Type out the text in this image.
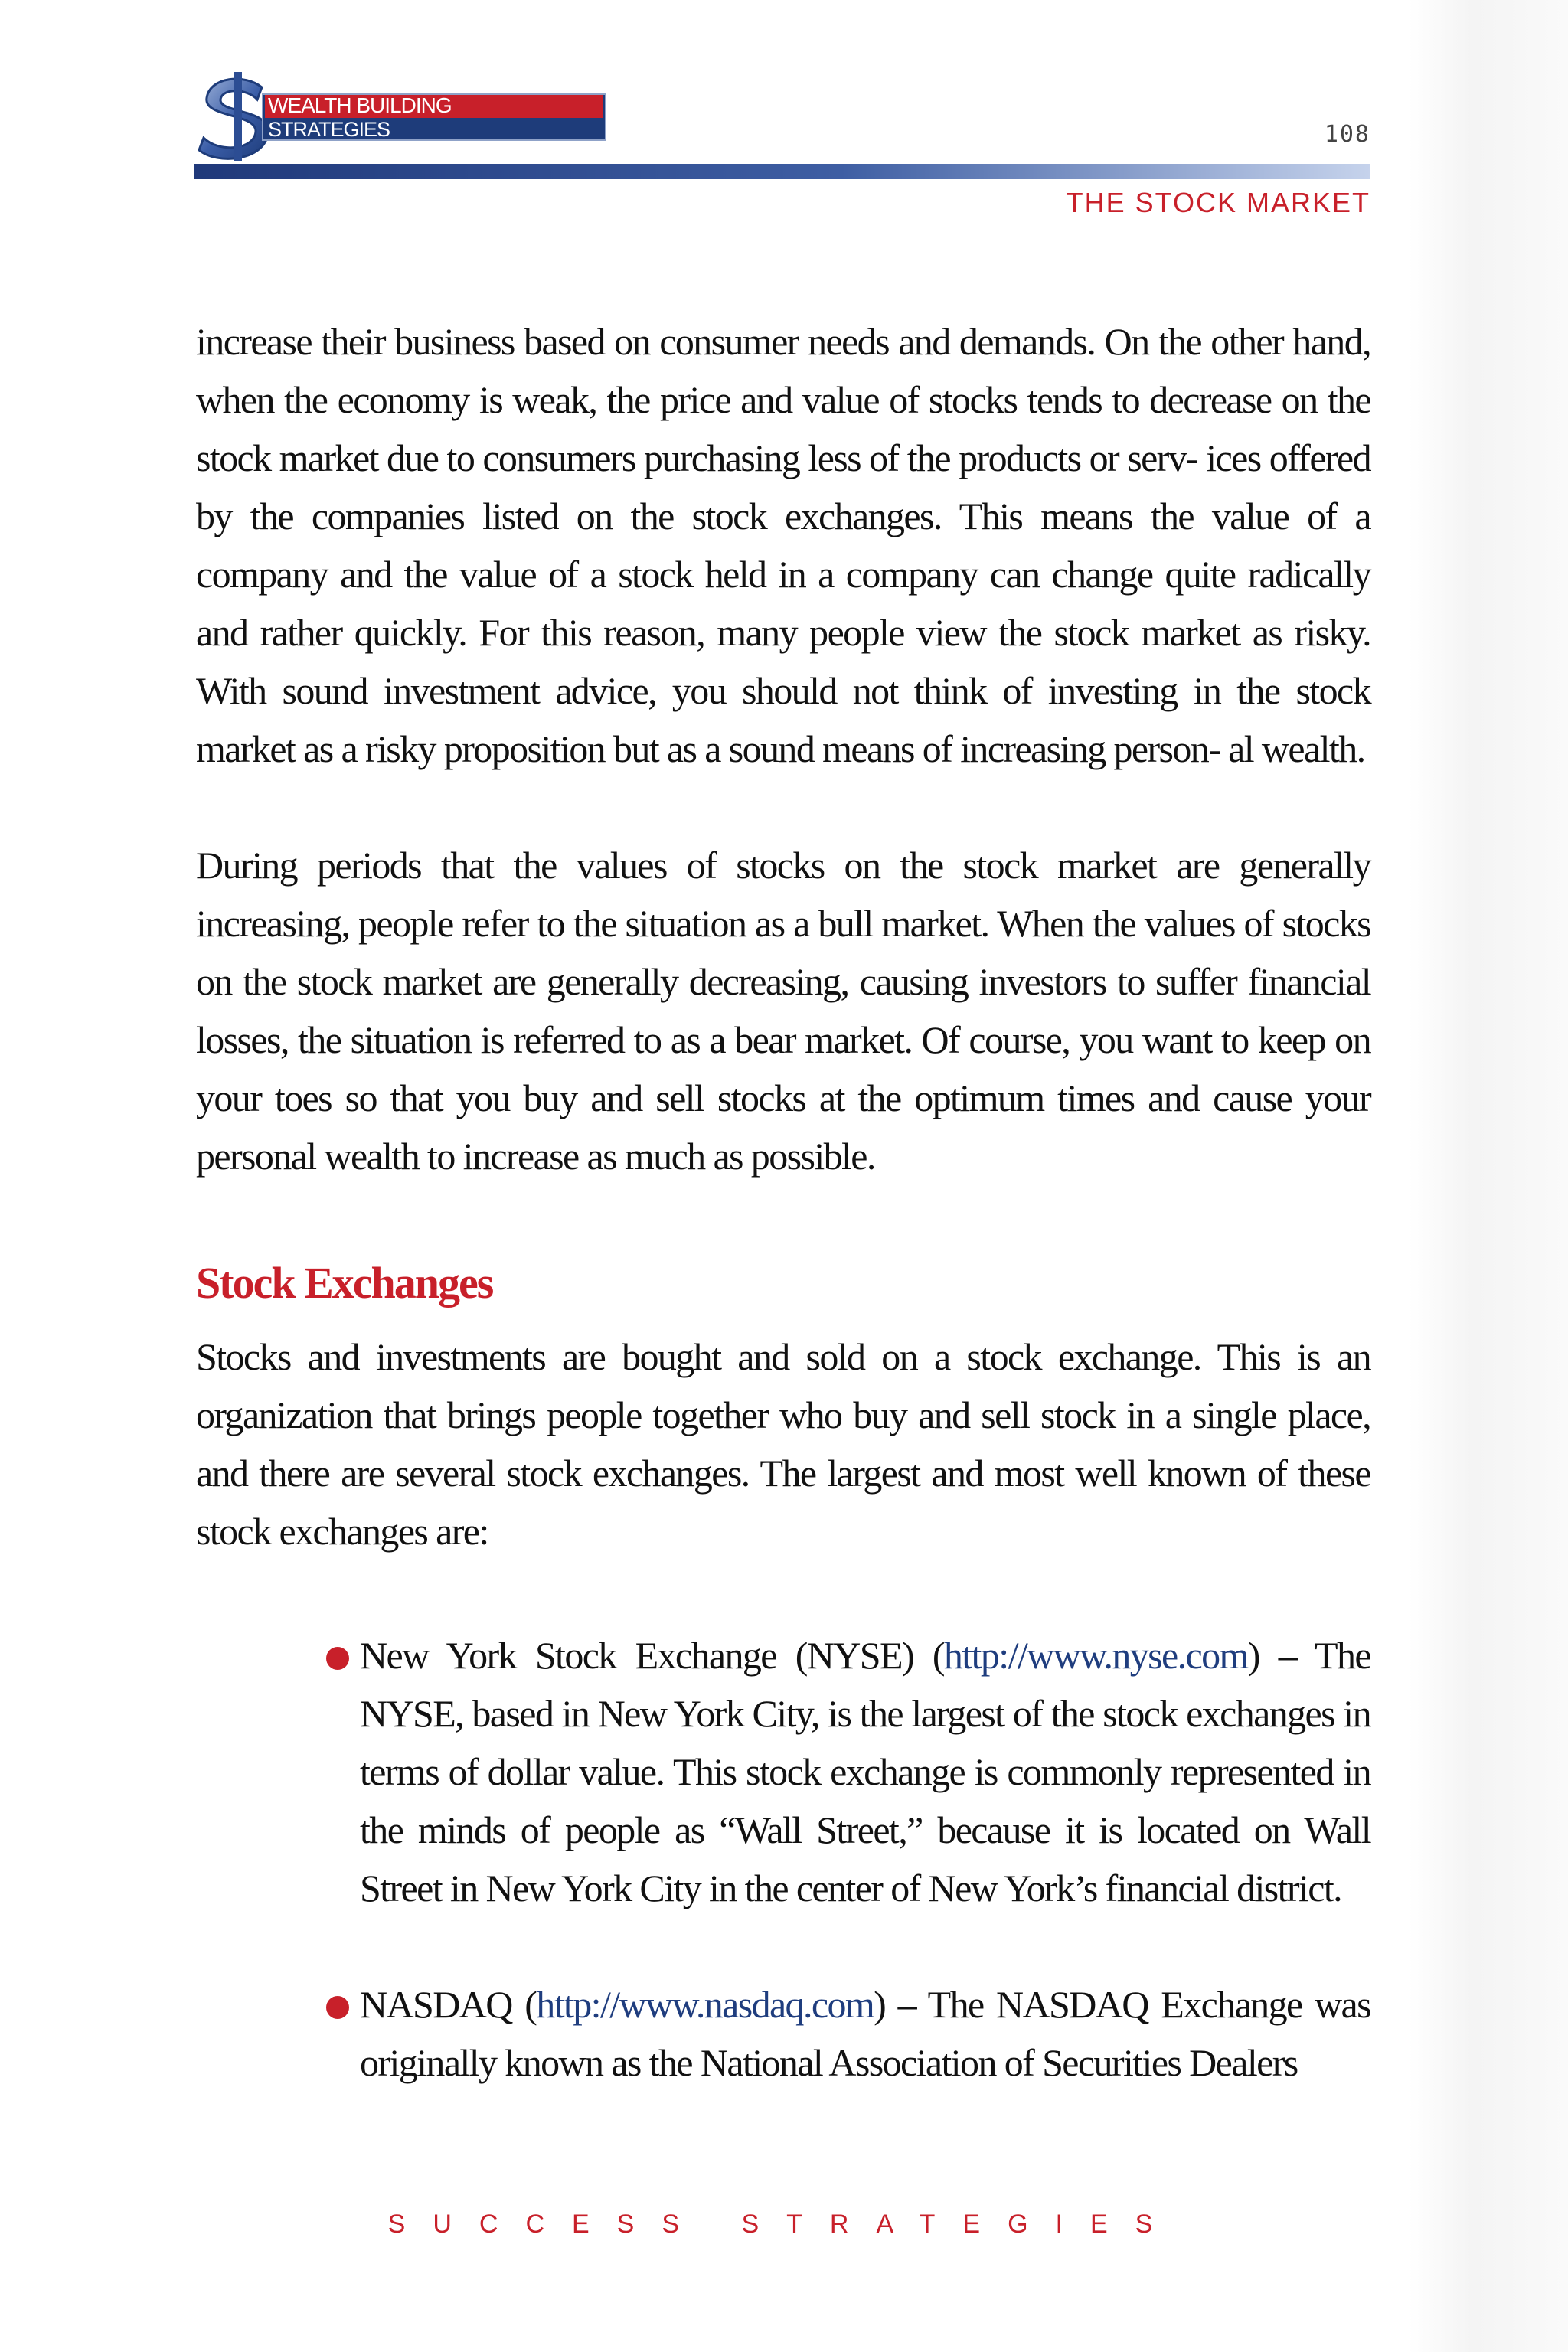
WEALTH BUILDING
STRATEGIES	108
THE STOCK MARKET

increase their business based on consumer needs and demands. On the other hand, when the economy is weak, the price and value of stocks tends to decrease on the stock market due to consumers purchasing less of the products or serv- ices offered by the companies listed on the stock exchanges. This means the value of a company and the value of a stock held in a company can change quite radically and rather quickly. For this reason, many people view the stock market as risky. With sound investment advice, you should not think of investing in the stock market as a risky proposition but as a sound means of increasing person- al wealth.

During periods that the values of stocks on the stock market are generally increasing, people refer to the situation as a bull market. When the values of stocks on the stock market are generally decreasing, causing investors to suffer financial losses, the situation is referred to as a bear market. Of course, you want to keep on your toes so that you buy and sell stocks at the optimum times and cause your personal wealth to increase as much as possible.

Stock Exchanges

Stocks and investments are bought and sold on a stock exchange. This is an organization that brings people together who buy and sell stock in a single place, and there are several stock exchanges. The largest and most well known of these stock exchanges are:

New York Stock Exchange (NYSE) (http://www.nyse.com) – The NYSE, based in New York City, is the largest of the stock exchanges in terms of dollar value. This stock exchange is commonly represented in the minds of people as “Wall Street,” because it is located on Wall Street in New York City in the center of New York’s financial district.
NASDAQ (http://www.nasdaq.com) – The NASDAQ Exchange was originally known as the National Association of Securities Dealers
SUCCESS STRATEGIES
